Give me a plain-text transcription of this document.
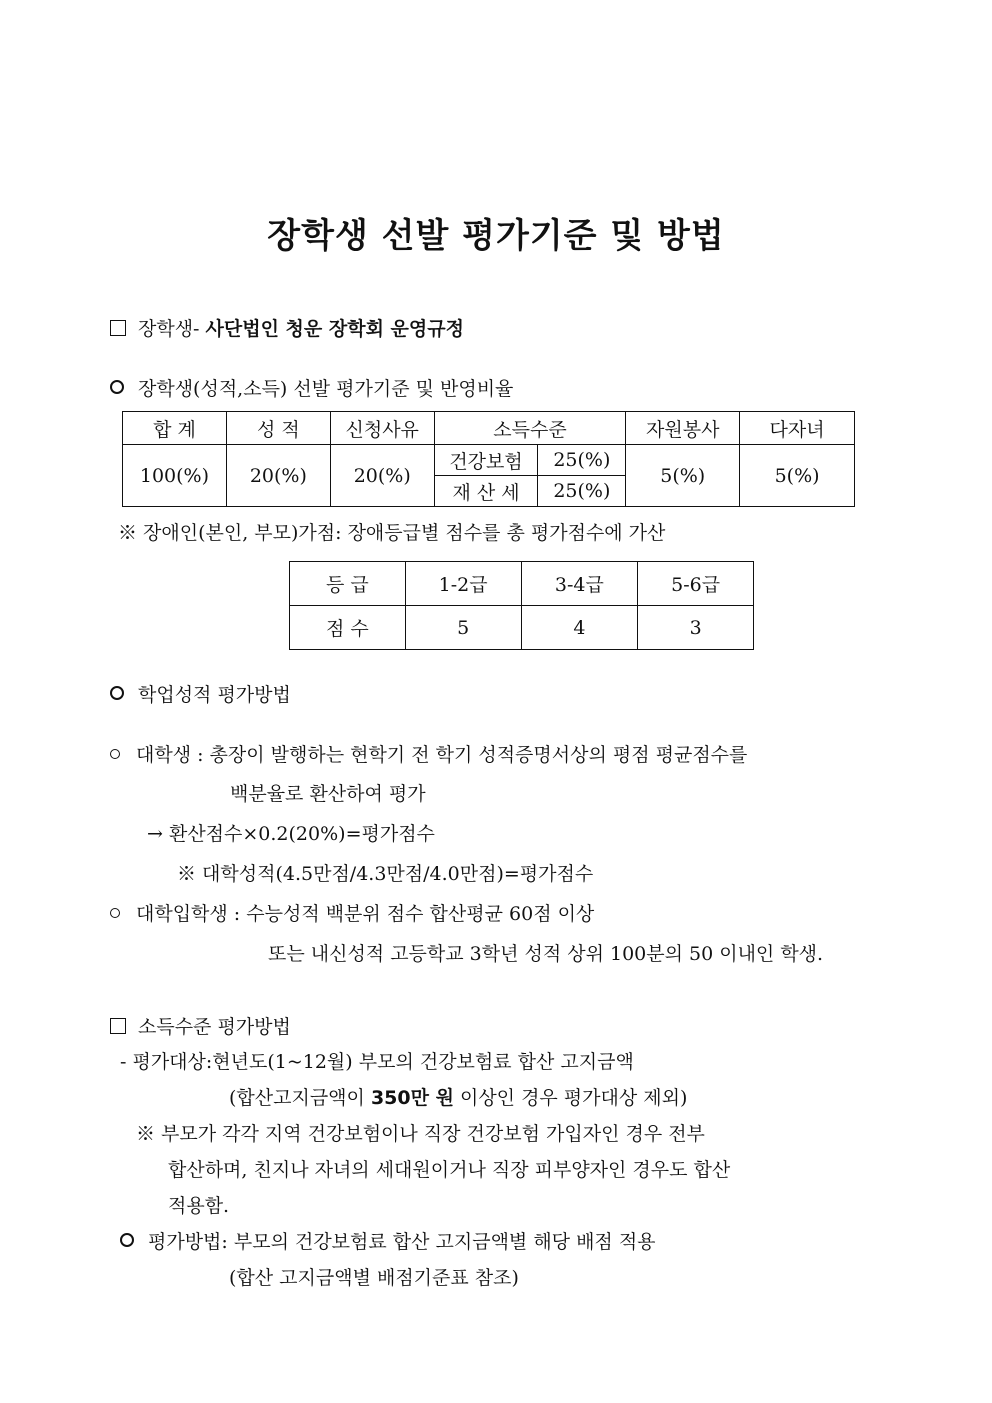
장학생 선발 평가기준 및 방법
장학생- 사단법인 청운 장학회 운영규정
장학생(성적,소득) 선발 평가기준 및 반영비율
합 계	성 적	신청사유	소득수준		자원봉사	다자녀
100(%)	20(%)	20(%)	건강보험	25(%)	5(%)	5(%)
			재 산 세	25(%)		
※ 장애인(본인, 부모)가점: 장애등급별 점수를 총 평가점수에 가산
등 급	1-2급	3-4급	5-6급
점 수	5	4	3
학업성적 평가방법
대학생 : 총장이 발행하는 현학기 전 학기 성적증명서상의 평점 평균점수를
백분율로 환산하여 평가
→ 환산점수×0.2(20%)=평가점수
※ 대학성적(4.5만점/4.3만점/4.0만점)=평가점수
대학입학생 : 수능성적 백분위 점수 합산평균 60점 이상
또는 내신성적 고등학교 3학년 성적 상위 100분의 50 이내인 학생.
소득수준 평가방법
- 평가대상:현년도(1~12월) 부모의 건강보험료 합산 고지금액
(합산고지금액이 350만 원 이상인 경우 평가대상 제외)
※ 부모가 각각 지역 건강보험이나 직장 건강보험 가입자인 경우 전부
합산하며, 친지나 자녀의 세대원이거나 직장 피부양자인 경우도 합산
적용함.
평가방법: 부모의 건강보험료 합산 고지금액별 해당 배점 적용
(합산 고지금액별 배점기준표 참조)
